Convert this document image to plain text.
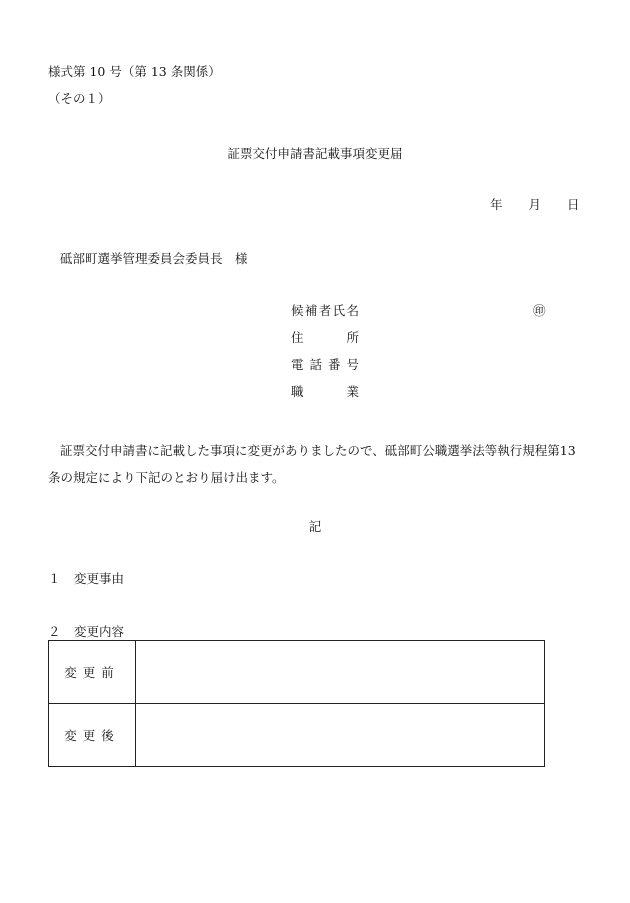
様式第 10 号（第 13 条関係）
（その１）
証票交付申請書記載事項変更届
年 月 日
砥部町選挙管理委員会委員長　様
候補者氏名	㊞
住所
電話番号
職業

証票交付申請書に記載した事項に変更がありましたので、砥部町公職選挙法等執行規程第13条の規定により下記のとおり届け出ます。

記
１ 変更事由
２ 変更内容
変更前	
変更後	
